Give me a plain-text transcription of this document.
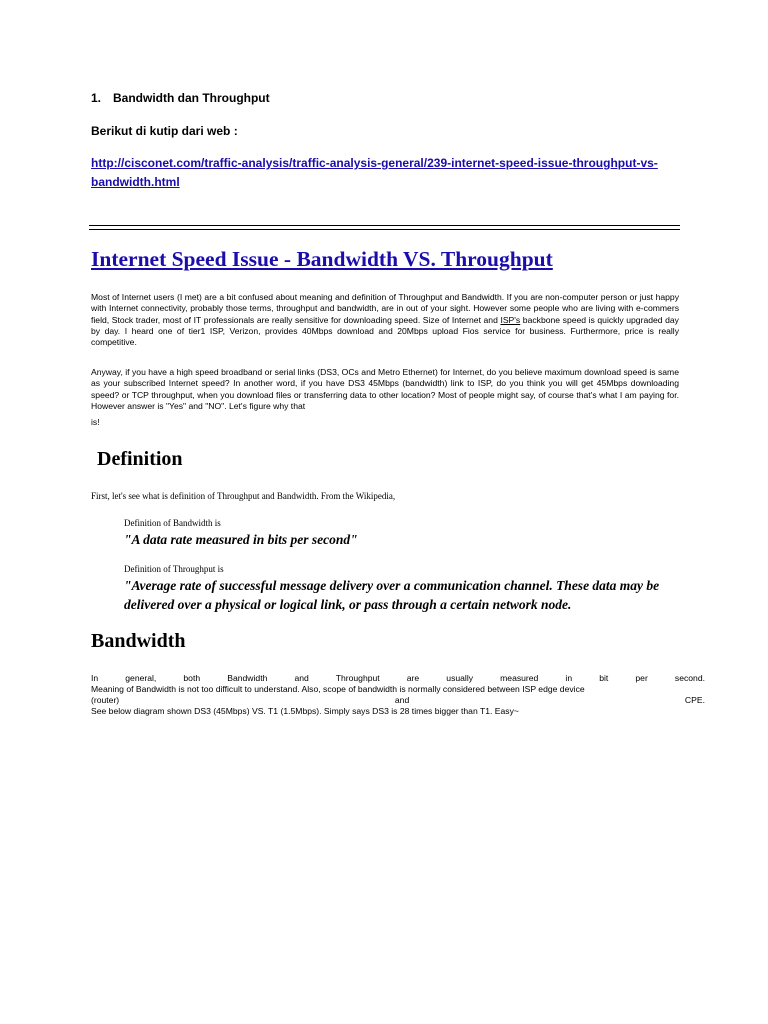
1. Bandwidth dan Throughput
Berikut di kutip dari web :
http://cisconet.com/traffic-analysis/traffic-analysis-general/239-internet-speed-issue-throughput-vs-
bandwidth.html
Internet Speed Issue - Bandwidth VS. Throughput
Most of Internet users (I met) are a bit confused about meaning and definition of Throughput and Bandwidth. If you are non-computer person or just happy with Internet connectivity, probably those terms, throughput and bandwidth, are in out of your sight. However some people who are living with e-commers field, Stock trader, most of IT professionals are really sensitive for downloading speed. Size of Internet and ISP's backbone speed is quickly upgraded day by day. I heard one of tier1 ISP, Verizon, provides 40Mbps download and 20Mbps upload Fios service for business. Furthermore, price is really competitive.
Anyway, if you have a high speed broadband or serial links (DS3, OCs and Metro Ethernet) for Internet, do you believe maximum download speed is same as your subscribed Internet speed? In another word, if you have DS3 45Mbps (bandwidth) link to ISP, do you think you will get 45Mbps downloading speed? or TCP throughput, when you download files or transferring data to other location? Most of people might say, of course that's what I am paying for. However answer is "Yes" and "NO". Let's figure why that
is!
Definition
First, let's see what is definition of Throughput and Bandwidth. From the Wikipedia,
Definition of Bandwidth is
"A data rate measured in bits per second"
Definition of Throughput is
"Average rate of successful message delivery over a communication channel. These data may be delivered over a physical or logical link, or pass through a certain network node.
Bandwidth
In general, both Bandwidth and Throughput are usually measured in bit per second.
Meaning of Bandwidth is not too difficult to understand. Also, scope of bandwidth is normally considered between ISP edge device
(router) and CPE.
See below diagram shown DS3 (45Mbps) VS. T1 (1.5Mbps). Simply says DS3 is 28 times bigger than T1. Easy~
